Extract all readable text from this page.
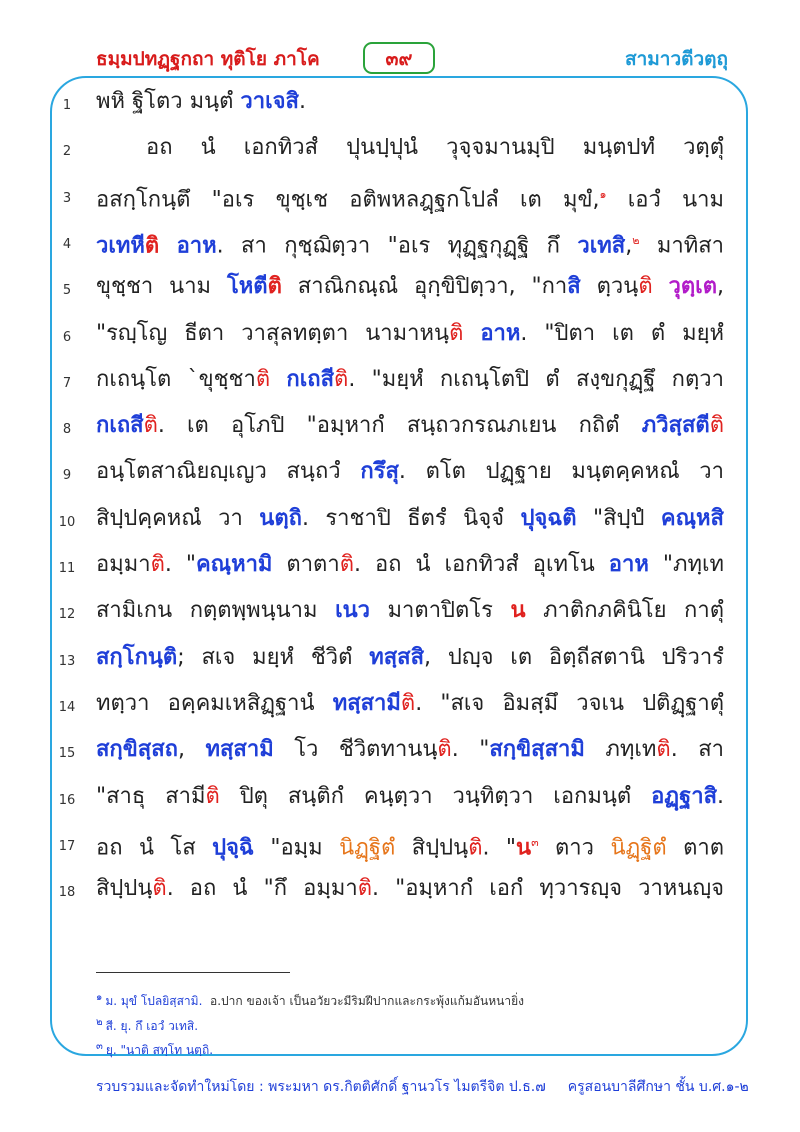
ธมฺมปทฏฺฐกถา ทุติโย ภาโค	๓๙	สามาวตีวตฺถุ
1	พหิ ฐิโตว มนฺตํ วาเจสิ.
2	อถ นํ เอกทิวสํ ปุนปฺปุนํ วุจฺจมานมฺปิ มนฺตปทํ วตฺตุํ
3	อสกฺโกนฺตึ "อเร ขุชฺเช อติพหลฎฺฐกโปลํ เต มุขํ,$^๑$ เอวํ นาม
4	วเทหีติ อาห. สา กุชฺฌิตฺวา "อเร ทุฏฺฐกุฏฺฐิ กึ วเทสิ,$^๒$ มาทิสา
5	ขุชฺชา นาม โหตีติ สาณิกณฺณํ อุกฺขิปิตฺวา, "กาสิ ตฺวนฺติ วุตฺเต,
6	"รญฺโญ ธีตา วาสุลทตฺตา นามาหนฺติ อาห. "ปิตา เต ตํ มยฺหํ
7	กเถนฺโต `ขุชฺชาติ กเถสีติ. "มยฺหํ กเถนฺโตปิ ตํ สงฺขกุฏฺฐึ กตฺวา
8	กเถสีติ. เต อุโภปิ "อมฺหากํ สนฺถวกรณภเยน กถิตํ ภวิสฺสตีติ
9	อนฺโตสาณิยญฺเญว สนฺถวํ กรึสุ. ตโต ปฏฺฐาย มนฺตคฺคหณํ วา
10 สิปฺปคฺคหณํ วา นตฺถิ. ราชาปิ ธีตรํ นิจฺจํ ปุจฺฉติ "สิปฺปํ คณฺหสิ
11 อมฺมาติ. "คณฺหามิ ตาตาติ. อถ นํ เอกทิวสํ อุเทโน อาห "ภทฺเท
12 สามิเกน กตฺตพฺพนฺนาม เนว มาตาปิตโร น ภาติกภคินิโย กาตุํ
13 สกฺโกนฺติ; สเจ มยฺหํ ชีวิตํ ทสฺสสิ, ปญฺจ เต อิตฺถีสตานิ ปริวารํ
14 ทตฺวา อคฺคมเหสิฏฺฐานํ ทสฺสามีติ. "สเจ อิมสฺมึ วจเน ปติฏฺฐาตุํ
15 สกฺขิสฺสถ, ทสฺสามิ โว ชีวิตทานนฺติ. "สกฺขิสฺสามิ ภทฺเทติ. สา
16 "สาธุ สามีติ ปิตุ สนฺติกํ คนฺตฺวา วนฺทิตฺวา เอกมนฺตํ อฏฺฐาสิ.
17 อถ นํ โส ปุจฺฉิ "อมฺม นิฏฺฐิตํ สิปฺปนฺติ. "น$^๓$ ตาว นิฏฺฐิตํ ตาต
18 สิปฺปนฺติ. อถ นํ "กึ อมฺมาติ. "อมฺหากํ เอกํ ทฺวารญฺจ วาหนญฺจ
$^๑$ ม. มุขํ โปลยิสฺสามิ. อ.ปาก ของเจ้า เป็นอวัยวะมีริมฝีปากและกระพุ้งแก้มอันหนายิ่ง
$^๒$ สี. ยุ. กึ เอวํ วเทสิ.
$^๓$ ยุ. "นาติ สทฺโท นตฺถิ.
รวบรวมและจัดทำใหม่โดย : พระมหา ดร.กิตติศักดิ์ ฐานวโร ไมตรีจิต ป.ธ.๗ ครูสอนบาลีศึกษา ชั้น บ.ศ.๑-๒
